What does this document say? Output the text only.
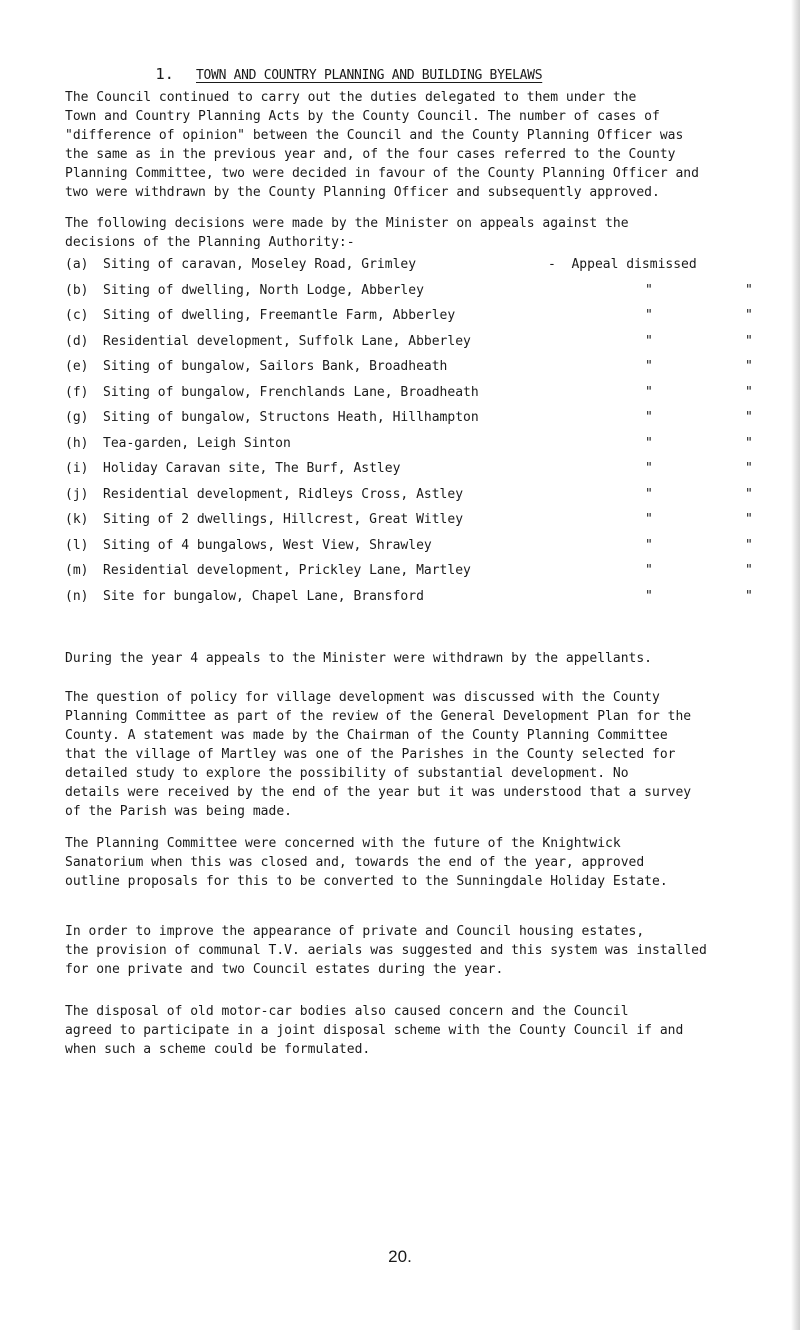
1. TOWN AND COUNTRY PLANNING AND BUILDING BYELAWS

The Council continued to carry out the duties delegated to them under the
Town and Country Planning Acts by the County Council. The number of cases of
"difference of opinion" between the Council and the County Planning Officer was
the same as in the previous year and, of the four cases referred to the County
Planning Committee, two were decided in favour of the County Planning Officer and
two were withdrawn by the County Planning Officer and subsequently approved.

The following decisions were made by the Minister on appeals against the
decisions of the Planning Authority:-

(a) Siting of caravan, Moseley Road, Grimley	-  Appeal dismissed
(b) Siting of dwelling, North Lodge, Abberley	"	"
(c) Siting of dwelling, Freemantle Farm, Abberley	"	"
(d) Residential development, Suffolk Lane, Abberley	"	"
(e) Siting of bungalow, Sailors Bank, Broadheath	"	"
(f) Siting of bungalow, Frenchlands Lane, Broadheath	"	"
(g) Siting of bungalow, Structons Heath, Hillhampton	"	"
(h) Tea-garden, Leigh Sinton	"	"
(i) Holiday Caravan site, The Burf, Astley	"	"
(j) Residential development, Ridleys Cross, Astley	"	"
(k) Siting of 2 dwellings, Hillcrest, Great Witley	"	"
(l) Siting of 4 bungalows, West View, Shrawley	"	"
(m) Residential development, Prickley Lane, Martley	"	"
(n) Site for bungalow, Chapel Lane, Bransford	"	"

During the year 4 appeals to the Minister were withdrawn by the appellants.

The question of policy for village development was discussed with the County
Planning Committee as part of the review of the General Development Plan for the
County. A statement was made by the Chairman of the County Planning Committee
that the village of Martley was one of the Parishes in the County selected for
detailed study to explore the possibility of substantial development. No
details were received by the end of the year but it was understood that a survey
of the Parish was being made.

The Planning Committee were concerned with the future of the Knightwick
Sanatorium when this was closed and, towards the end of the year, approved
outline proposals for this to be converted to the Sunningdale Holiday Estate.

In order to improve the appearance of private and Council housing estates,
the provision of communal T.V. aerials was suggested and this system was installed
for one private and two Council estates during the year.

The disposal of old motor-car bodies also caused concern and the Council
agreed to participate in a joint disposal scheme with the County Council if and
when such a scheme could be formulated.

20.
